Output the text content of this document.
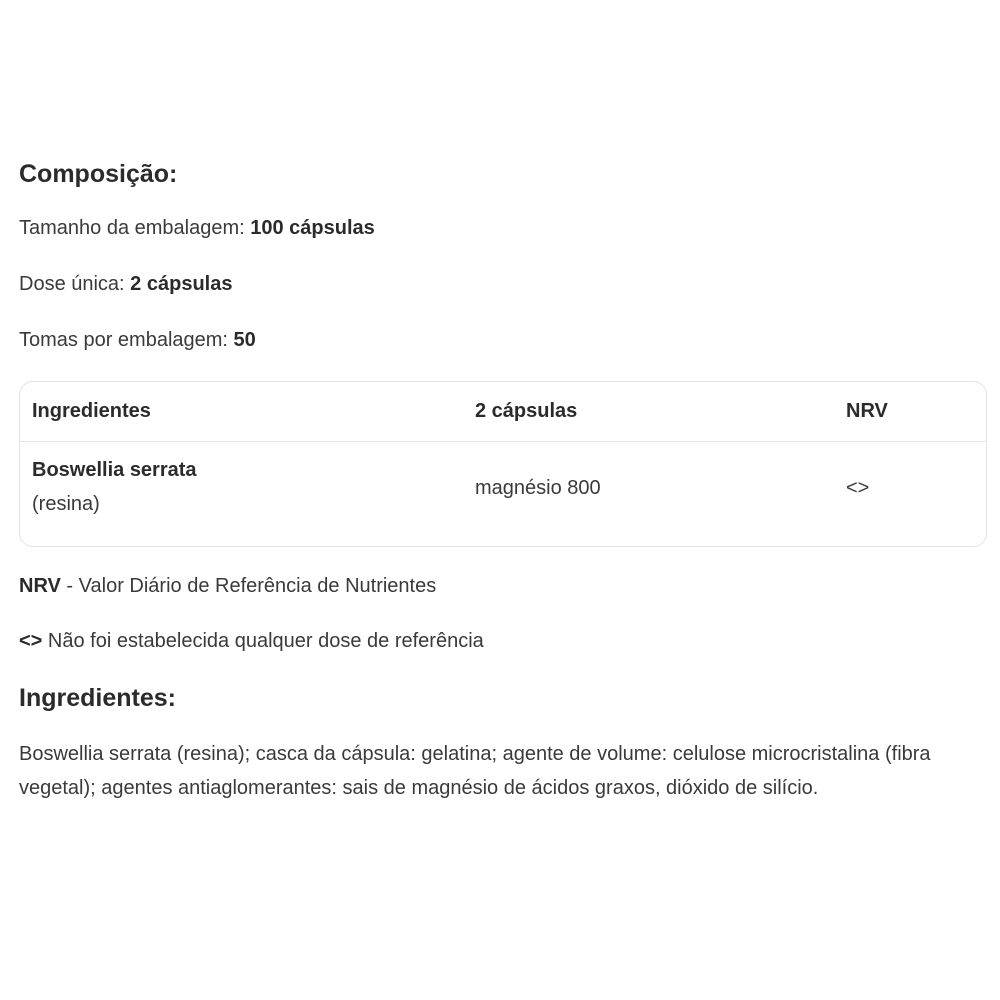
Composição:
Tamanho da embalagem: 100 cápsulas
Dose única: 2 cápsulas
Tomas por embalagem: 50
Ingredientes	2 cápsulas	NRV
Boswellia serrata
(resina)
magnésio 800	<>
NRV - Valor Diário de Referência de Nutrientes
<> Não foi estabelecida qualquer dose de referência
Ingredientes:

Boswellia serrata (resina); casca da cápsula: gelatina; agente de volume: celulose microcristalina (fibra vegetal); agentes antiaglomerantes: sais de magnésio de ácidos graxos, dióxido de silício.
